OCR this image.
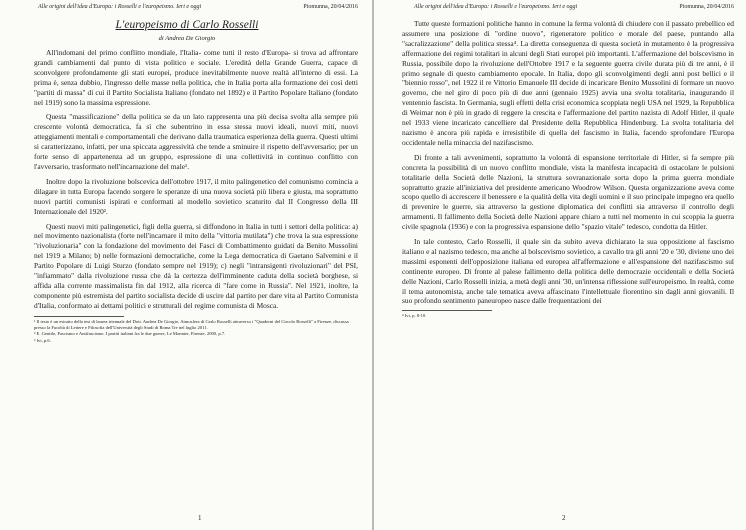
Alle origini dell'idea d'Europa: i Rosselli e l'europeismo. Ieri e oggi	Piomunna, 20/04/2016
L'europeismo di Carlo Rosselli
di Andrea De Giorgio

All'indomani del primo conflitto mondiale, l'Italia- come tutti il resto d'Europa- si trova ad affrontare grandi cambiamenti dal punto di vista politico e sociale. L'eredità della Grande Guerra, capace di sconvolgere profondamente gli stati europei, produce inevitabilmente nuove realtà all'interno di essi. La prima è, senza dubbio, l'ingresso delle masse nella politica, che in Italia porta alla formazione dei così detti "partiti di massa" di cui il Partito Socialista Italiano (fondato nel 1892) e il Partito Popolare Italiano (fondato nel 1919) sono la massima espressione.

Questa "massificazione" della politica se da un lato rappresenta una più decisa svolta alla sempre più crescente volontà democratica, fa sì che subentrino in essa stessa nuovi ideali, nuovi miti, nuovi atteggiamenti mentali e comportamentali che derivano dalla traumatica esperienza della guerra. Questi ultimi si caratterizzano, infatti, per una spiccata aggressività che tende a sminuire il rispetto dell'avversario; per un forte senso di appartenenza ad un gruppo, espressione di una collettività in continuo conflitto con l'avversario, trasformato nell'incarnazione del male¹.

Inoltre dopo la rivoluzione bolscevica dell'ottobre 1917, il mito palingenetico del comunismo comincia a dilagare in tutta Europa facendo sorgere le speranze di una nuova società più libera e giusta, ma soprattutto nuovi partiti comunisti ispirati e conformati al modello sovietico scaturito dal II Congresso della III Internazionale del 1920².

Questi nuovi miti palingenetici, figli della guerra, si diffondono in Italia in tutti i settori della politica: a) nel movimento nazionalista (forte nell'incarnare il mito della "vittoria mutilata") che trova la sua espressione "rivoluzionaria" con la fondazione del movimento dei Fasci di Combattimento guidati da Benito Mussolini nel 1919 a Milano; b) nelle formazioni democratiche, come la Lega democratica di Gaetano Salvemini e il Partito Popolare di Luigi Sturzo (fondato sempre nel 1919); c) negli "intransigenti rivoluzionari" del PSI, "infiammato" dalla rivoluzione russa che dà la certezza dell'imminente caduta della società borghese, si affida alla corrente massimalista fin dal 1912, alla ricerca di "fare come in Russia". Nel 1921, inoltre, la componente più estremista del partito socialista decide di uscire dal partito per dare vita al Partito Comunista d'Italia, conformato ai dettami politici e strutturali del regime comunista di Mosca.

¹ Il testo è un estratto della tesi di laurea triennale del Dott. Andrea De Giorgio, Atmosfera di Carlo Rosselli attraverso i "Quaderni del Circolo Rosselli" a Firenze, discussa presso la Facoltà di Lettere e Filosofia dell'Università degli Studi di Roma Tre nel luglio 2011.
² E. Gentile, Fascismo e Antifascismo. I partiti italiani fra le due guerre, Le Monnier, Firenze, 2000, p.7.
³ Ivi, p.6.
1
Alle origini dell'idea d'Europa: i Rosselli e l'europeismo. Ieri e oggi	Piomunna, 20/04/2016

Tutte queste formazioni politiche hanno in comune la ferma volontà di chiudere con il passato prebellico ed assumere una posizione di "ordine nuovo", rigeneratore politico e morale del paese, puntando alla "sacralizzazione" della politica stessa⁴. La diretta conseguenza di questa società in mutamento è la progressiva affermazione dei regimi totalitari in alcuni degli Stati europei più importanti. L'affermazione del bolscevismo in Russia, possibile dopo la rivoluzione dell'Ottobre 1917 e la seguente guerra civile durata più di tre anni, è il primo segnale di questo cambiamento epocale. In Italia, dopo gli sconvolgimenti degli anni post bellici e il "biennio rosso", nel 1922 il re Vittorio Emanuele III decide di incaricare Benito Mussolini di formare un nuovo governo, che nel giro di poco più di due anni (gennaio 1925) avvia una svolta totalitaria, inaugurando il ventennio fascista. In Germania, sugli effetti della crisi economica scoppiata negli USA nel 1929, la Repubblica di Weimar non è più in grado di reggere la crescita e l'affermazione del partito nazista di Adolf Hitler, il quale nel 1933 viene incaricato cancelliere dal Presidente della Repubblica Hindenburg. La svolta totalitaria del nazismo è ancora più rapida e irresistibile di quella del fascismo in Italia, facendo sprofondare l'Europa occidentale nella minaccia del nazifascismo.

Di fronte a tali avvenimenti, soprattutto la volontà di espansione territoriale di Hitler, si fa sempre più concreta la possibilità di un nuovo conflitto mondiale, vista la manifesta incapacità di ostacolare le pulsioni totalitarie della Società delle Nazioni, la struttura sovranazionale sorta dopo la prima guerra mondiale soprattutto grazie all'iniziativa del presidente americano Woodrow Wilson. Questa organizzazione aveva come scopo quello di accrescere il benessere e la qualità della vita degli uomini e il suo principale impegno era quello di prevenire le guerre, sia attraverso la gestione diplomatica dei conflitti sia attraverso il controllo degli armamenti. Il fallimento della Società delle Nazioni appare chiaro a tutti nel momento in cui scoppia la guerra civile spagnola (1936) e con la progressiva espansione dello "spazio vitale" tedesco, condotta da Hitler.

In tale contesto, Carlo Rosselli, il quale sin da subito aveva dichiarato la sua opposizione al fascismo italiano e al nazismo tedesco, ma anche al bolscevismo sovietico, a cavallo tra gli anni '20 e '30, diviene uno dei massimi esponenti dell'opposizione italiana ed europea all'affermazione e all'espansione del nazifascismo sul continente europeo. Di fronte al palese fallimento della politica delle democrazie occidentali e della Società delle Nazioni, Carlo Rosselli inizia, a metà degli anni '30, un'intensa riflessione sull'europeismo. In realtà, come il tema autonomista, anche tale tematica aveva affascinato l'intellettuale fiorentino sin dagli anni giovanili. Il suo profondo sentimento paneuropeo nasce dalle frequentazioni dei

⁴ Ivi, p. 8-10.
2
